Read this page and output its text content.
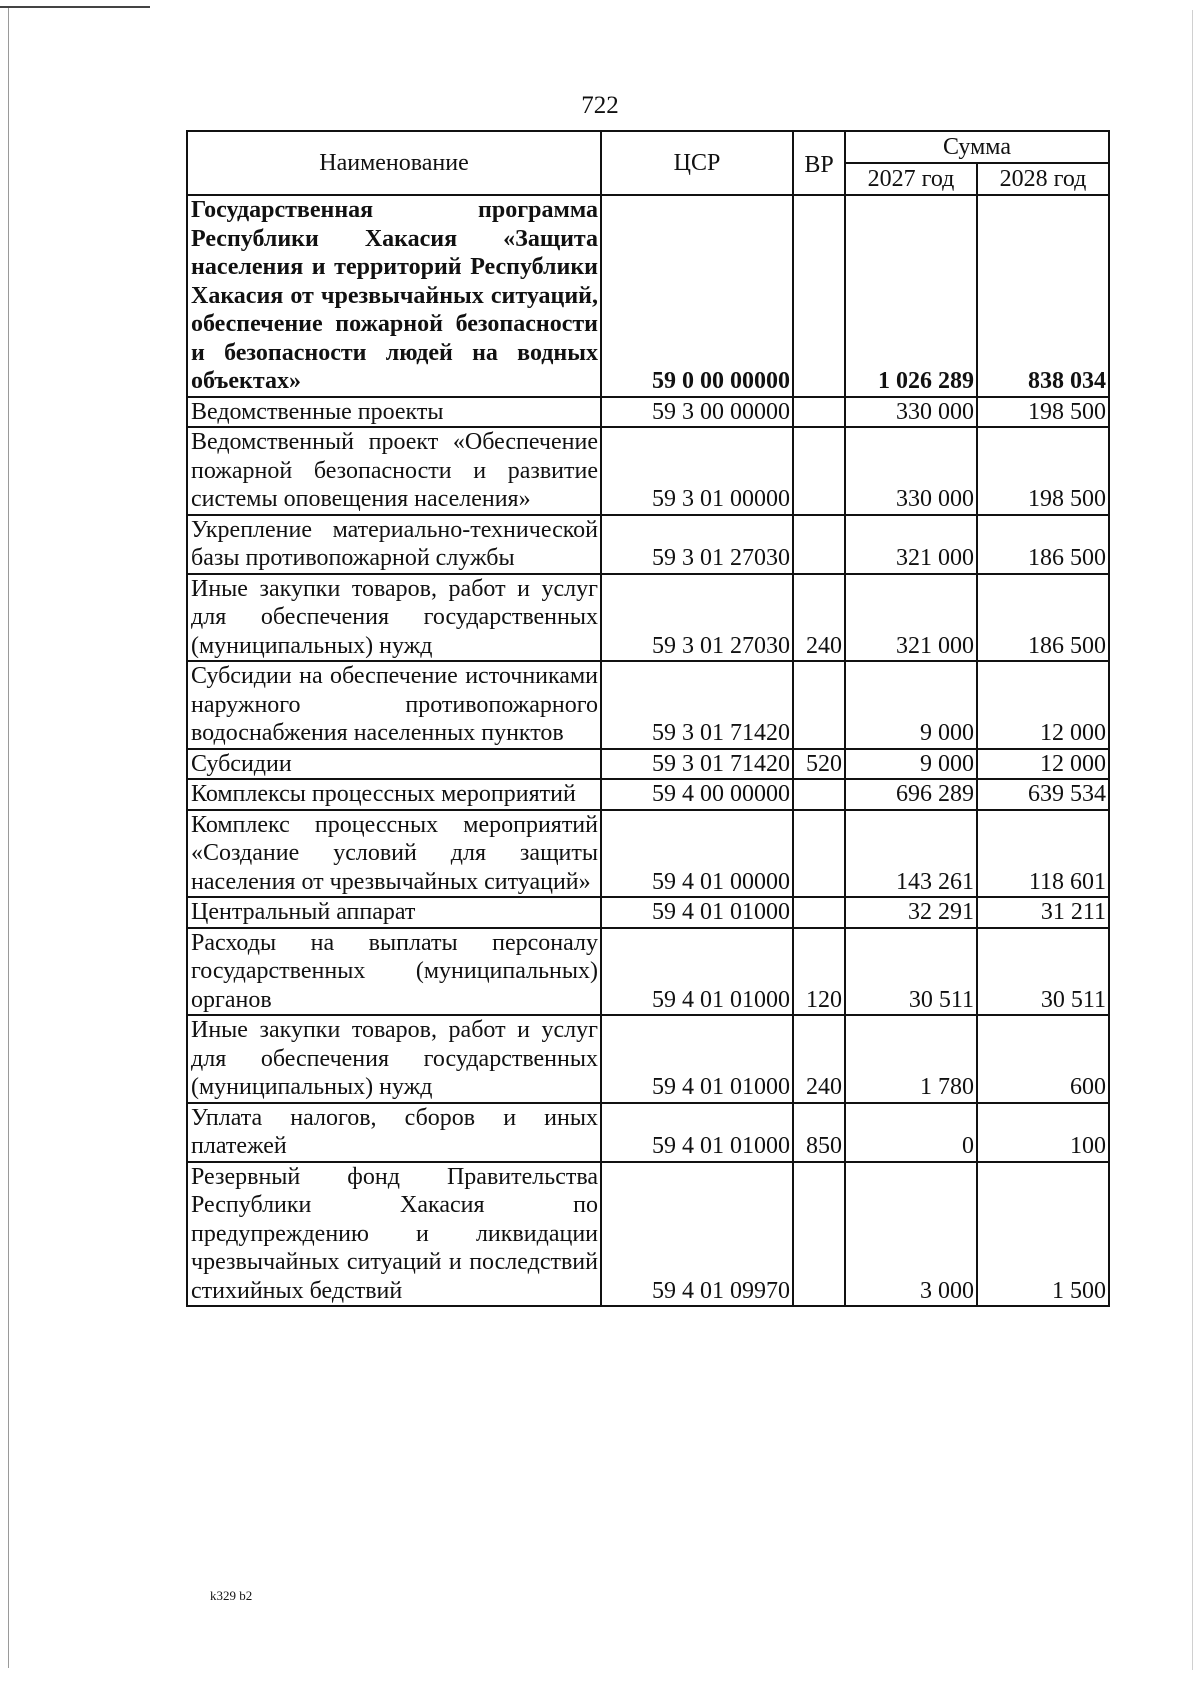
722
Наименование	ЦСР	ВР	Сумма	
			2027 год	2028 год
Государственная программа Республики Хакасия «Защита населения и территорий Республики Хакасия от чрезвычайных ситуаций, обеспечение пожарной безопасности и безопасности людей на водных объектах»	59 0 00 00000		1 026 289	838 034
Ведомственные проекты	59 3 00 00000		330 000	198 500
Ведомственный проект «Обеспечение пожарной безопасности и развитие системы оповещения населения»	59 3 01 00000		330 000	198 500
Укрепление материально-технической базы противопожарной службы	59 3 01 27030		321 000	186 500
Иные закупки товаров, работ и услуг для обеспечения государственных (муниципальных) нужд	59 3 01 27030	240	321 000	186 500
Субсидии на обеспечение источниками наружного противопожарного водоснабжения населенных пунктов	59 3 01 71420		9 000	12 000
Субсидии	59 3 01 71420	520	9 000	12 000
Комплексы процессных мероприятий	59 4 00 00000		696 289	639 534
Комплекс процессных мероприятий «Создание условий для защиты населения от чрезвычайных ситуаций»	59 4 01 00000		143 261	118 601
Центральный аппарат	59 4 01 01000		32 291	31 211
Расходы на выплаты персоналу государственных (муниципальных) органов	59 4 01 01000	120	30 511	30 511
Иные закупки товаров, работ и услуг для обеспечения государственных (муниципальных) нужд	59 4 01 01000	240	1 780	600
Уплата налогов, сборов и иных платежей	59 4 01 01000	850	0	100
Резервный фонд Правительства Республики Хакасия по предупреждению и ликвидации чрезвычайных ситуаций и последствий стихийных бедствий	59 4 01 09970		3 000	1 500
k329 b2
